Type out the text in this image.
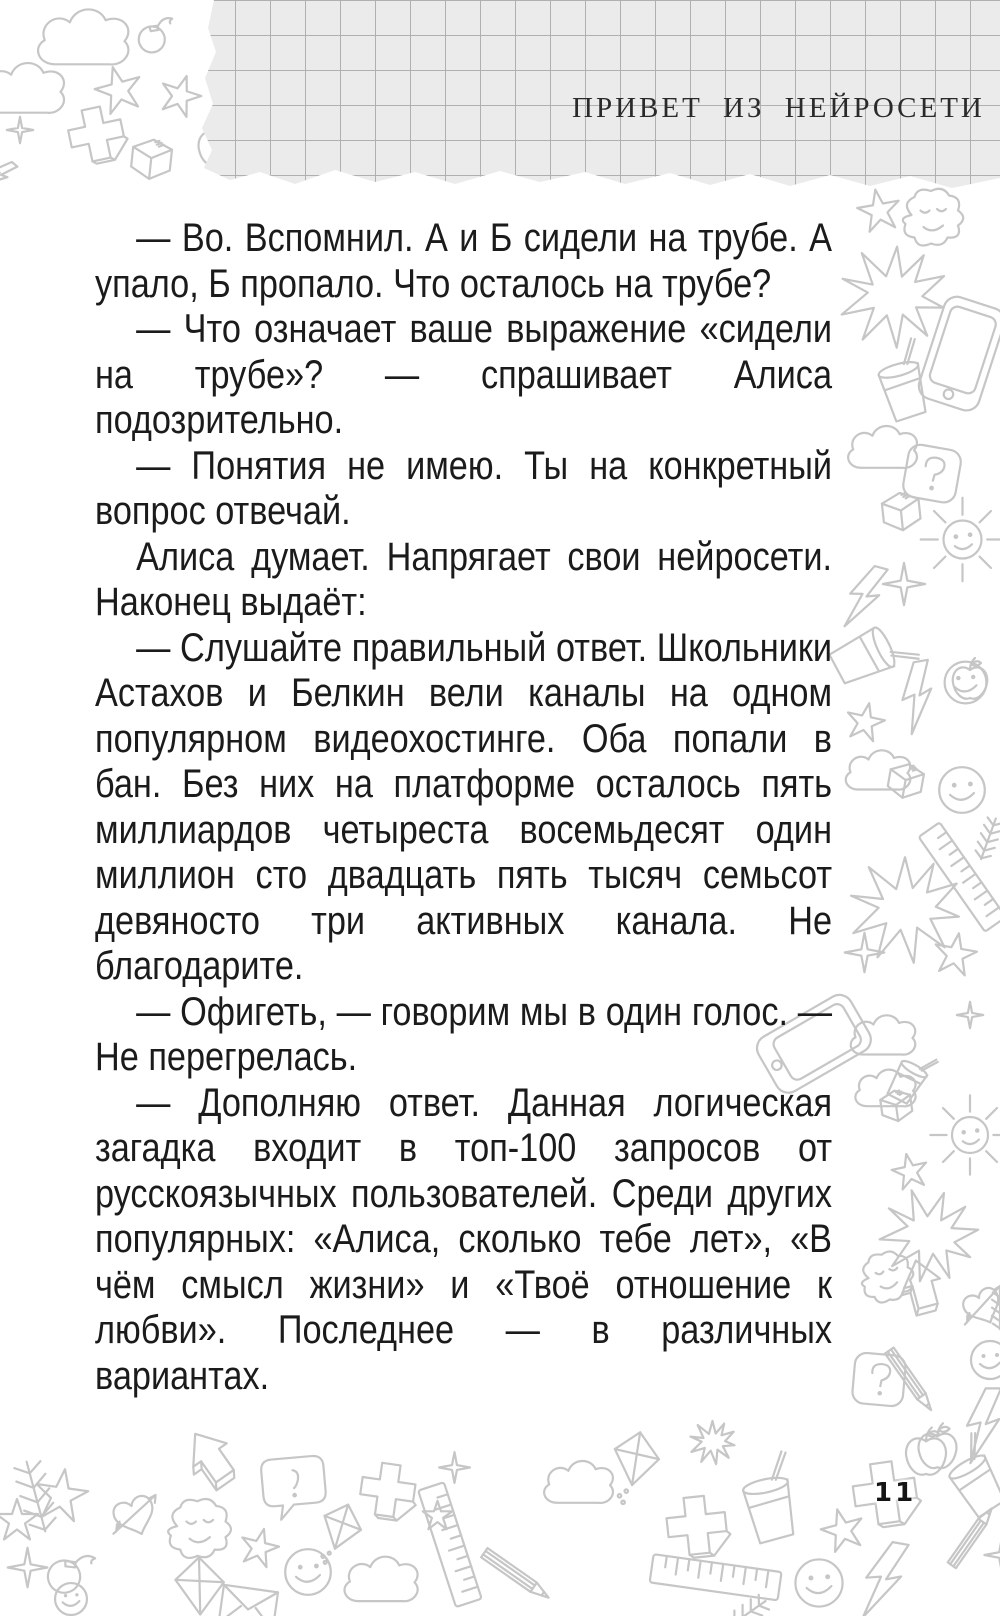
ПРИВЕТ ИЗ НЕЙРОСЕТИ

— Во. Вспомнил. А и Б сидели на трубе. А упало, Б пропало. Что осталось на трубе?

— Что означает ваше выражение «сидели на трубе»? — спрашивает Алиса подозрительно.

— Понятия не имею. Ты на конкретный вопрос отвечай.

Алиса думает. Напрягает свои нейросети. Наконец выдаёт:

— Слушайте правильный ответ. Школьники Астахов и Белкин вели каналы на одном популярном видеохостинге. Оба попали в бан. Без них на платформе осталось пять миллиардов четыреста восемьдесят один миллион сто двадцать пять тысяч семьсот девяносто три активных канала. Не благодарите.

— Офигеть, — говорим мы в один голос. — Не перегрелась.

— Дополняю ответ. Данная логическая загадка входит в топ-100 запросов от русскоязычных пользователей. Среди других популярных: «Алиса, сколько тебе лет», «В чём смысл жизни» и «Твоё отношение к любви». Последнее — в различных вариантах.

11
